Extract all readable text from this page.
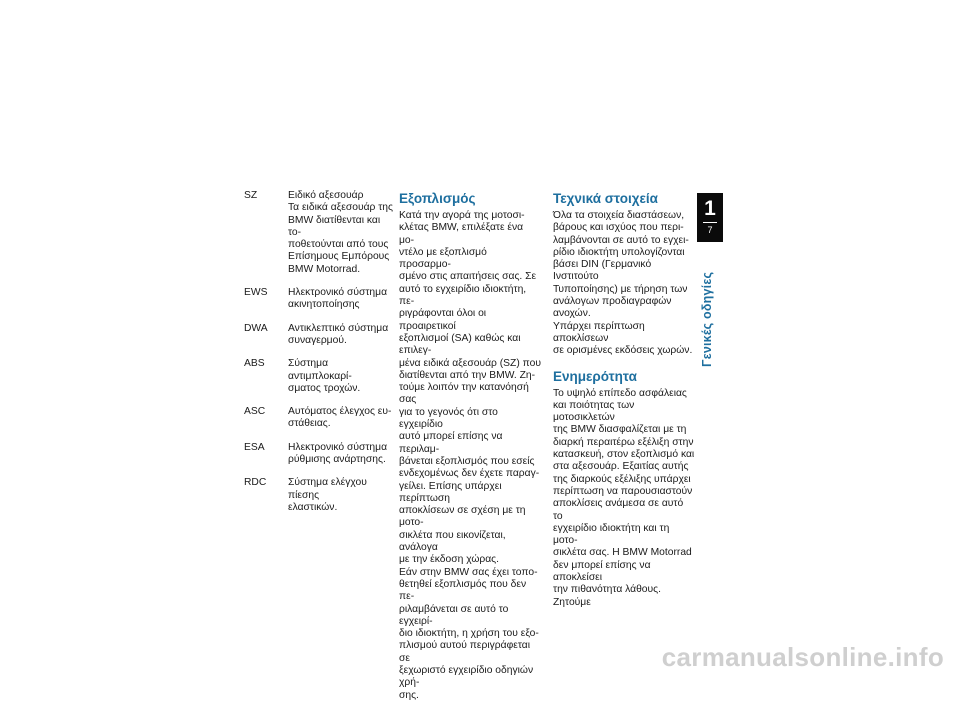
SZ	Ειδικό αξεσουάρ
Τα ειδικά αξεσουάρ της
BMW διατίθενται και το-
ποθετούνται από τους
Επίσημους Εμπόρους
BMW Motorrad.
EWS	Ηλεκτρονικό σύστημα
ακινητοποίησης
DWA	Αντικλεπτικό σύστημα
συναγερμού.
ABS	Σύστημα αντιμπλοκαρί-
σματος τροχών.
ASC	Αυτόματος έλεγχος ευ-
στάθειας.
ESA	Ηλεκτρονικό σύστημα
ρύθμισης ανάρτησης.
RDC	Σύστημα ελέγχου πίεσης
ελαστικών.
Εξοπλισμός

Κατά την αγορά της μοτοσι-
κλέτας BMW, επιλέξατε ένα μο-
ντέλο με εξοπλισμό προσαρμο-
σμένο στις απαιτήσεις σας. Σε
αυτό το εγχειρίδιο ιδιοκτήτη, πε-
ριγράφονται όλοι οι προαιρετικοί
εξοπλισμοί (SA) καθώς και επιλεγ-
μένα ειδικά αξεσουάρ (SZ) που
διατίθενται από την BMW. Ζη-
τούμε λοιπόν την κατανόησή σας
για το γεγονός ότι στο εγχειρίδιο
αυτό μπορεί επίσης να περιλαμ-
βάνεται εξοπλισμός που εσείς
ενδεχομένως δεν έχετε παραγ-
γείλει. Επίσης υπάρχει περίπτωση
αποκλίσεων σε σχέση με τη μοτο-
σικλέτα που εικονίζεται, ανάλογα
με την έκδοση χώρας.
Εάν στην BMW σας έχει τοπο-
θετηθεί εξοπλισμός που δεν πε-
ριλαμβάνεται σε αυτό το εγχειρί-
διο ιδιοκτήτη, η χρήση του εξο-
πλισμού αυτού περιγράφεται σε
ξεχωριστό εγχειρίδιο οδηγιών χρή-
σης.

Τεχνικά στοιχεία

Όλα τα στοιχεία διαστάσεων,
βάρους και ισχύος που περι-
λαμβάνονται σε αυτό το εγχει-
ρίδιο ιδιοκτήτη υπολογίζονται
βάσει DIN (Γερμανικό Ινστιτούτο
Τυποποίησης) με τήρηση των
ανάλογων προδιαγραφών ανοχών.
Υπάρχει περίπτωση αποκλίσεων
σε ορισμένες εκδόσεις χωρών.

Ενημερότητα

Το υψηλό επίπεδο ασφάλειας
και ποιότητας των μοτοσικλετών
της BMW διασφαλίζεται με τη
διαρκή περαιτέρω εξέλιξη στην
κατασκευή, στον εξοπλισμό και
στα αξεσουάρ. Εξαιτίας αυτής
της διαρκούς εξέλιξης υπάρχει
περίπτωση να παρουσιαστούν
αποκλίσεις ανάμεσα σε αυτό το
εγχειρίδιο ιδιοκτήτη και τη μοτο-
σικλέτα σας. Η BMW Motorrad
δεν μπορεί επίσης να αποκλείσει
την πιθανότητα λάθους. Ζητούμε

1
7
Γενικές οδηγίες
carmanualsonline.info
